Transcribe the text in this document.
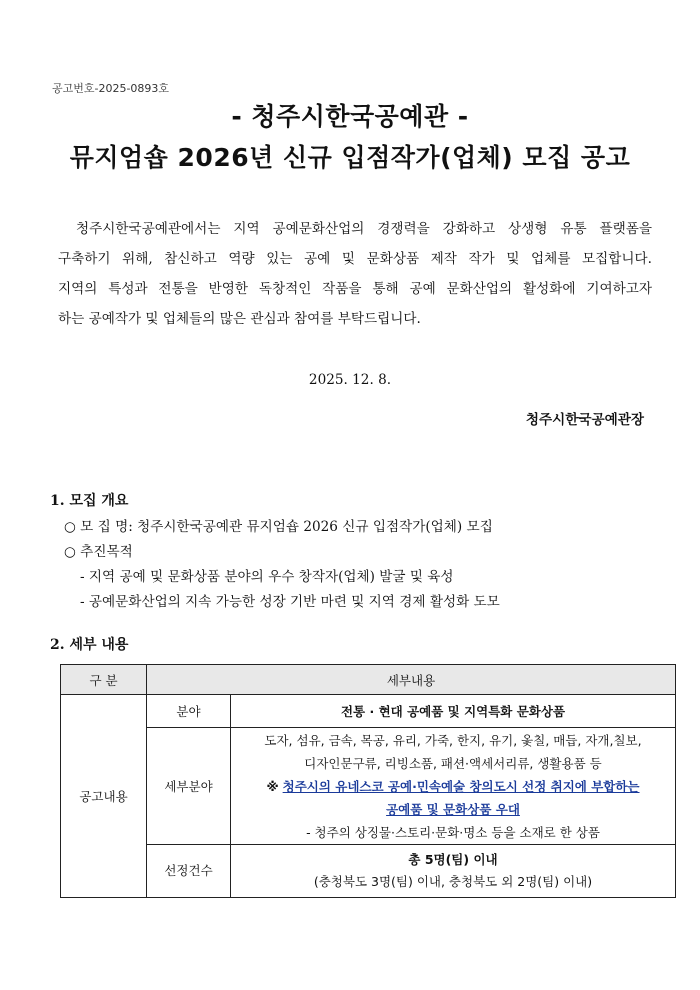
공고번호-2025-0893호
- 청주시한국공예관 -
뮤지엄숍 2026년 신규 입점작가(업체) 모집 공고

청주시한국공예관에서는 지역 공예문화산업의 경쟁력을 강화하고 상생형 유통 플랫폼을

구축하기 위해, 참신하고 역량 있는 공예 및 문화상품 제작 작가 및 업체를 모집합니다.

지역의 특성과 전통을 반영한 독창적인 작품을 통해 공예 문화산업의 활성화에 기여하고자

하는 공예작가 및 업체들의 많은 관심과 참여를 부탁드립니다.

2025. 12. 8.
청주시한국공예관장
1. 모집 개요
○ 모 집 명: 청주시한국공예관 뮤지엄숍 2026 신규 입점작가(업체) 모집
○ 추진목적
- 지역 공예 및 문화상품 분야의 우수 창작자(업체) 발굴 및 육성
- 공예문화산업의 지속 가능한 성장 기반 마련 및 지역 경제 활성화 도모
2. 세부 내용
구 분	세부내용	
공고내용	분야	전통 · 현대 공예품 및 지역특화 문화상품
	세부분야	도자, 섬유, 금속, 목공, 유리, 가죽, 한지, 유기, 옻칠, 매듭, 자개,칠보,
디자인문구류, 리빙소품, 패션·액세서리류, 생활용품 등
※ 청주시의 유네스코 공예·민속예술 창의도시 선정 취지에 부합하는
공예품 및 문화상품 우대
- 청주의 상징물·스토리·문화·명소 등을 소재로 한 상품

	선정건수	총 5명(팀) 이내
(충청북도 3명(팀) 이내, 충청북도 외 2명(팀) 이내)
